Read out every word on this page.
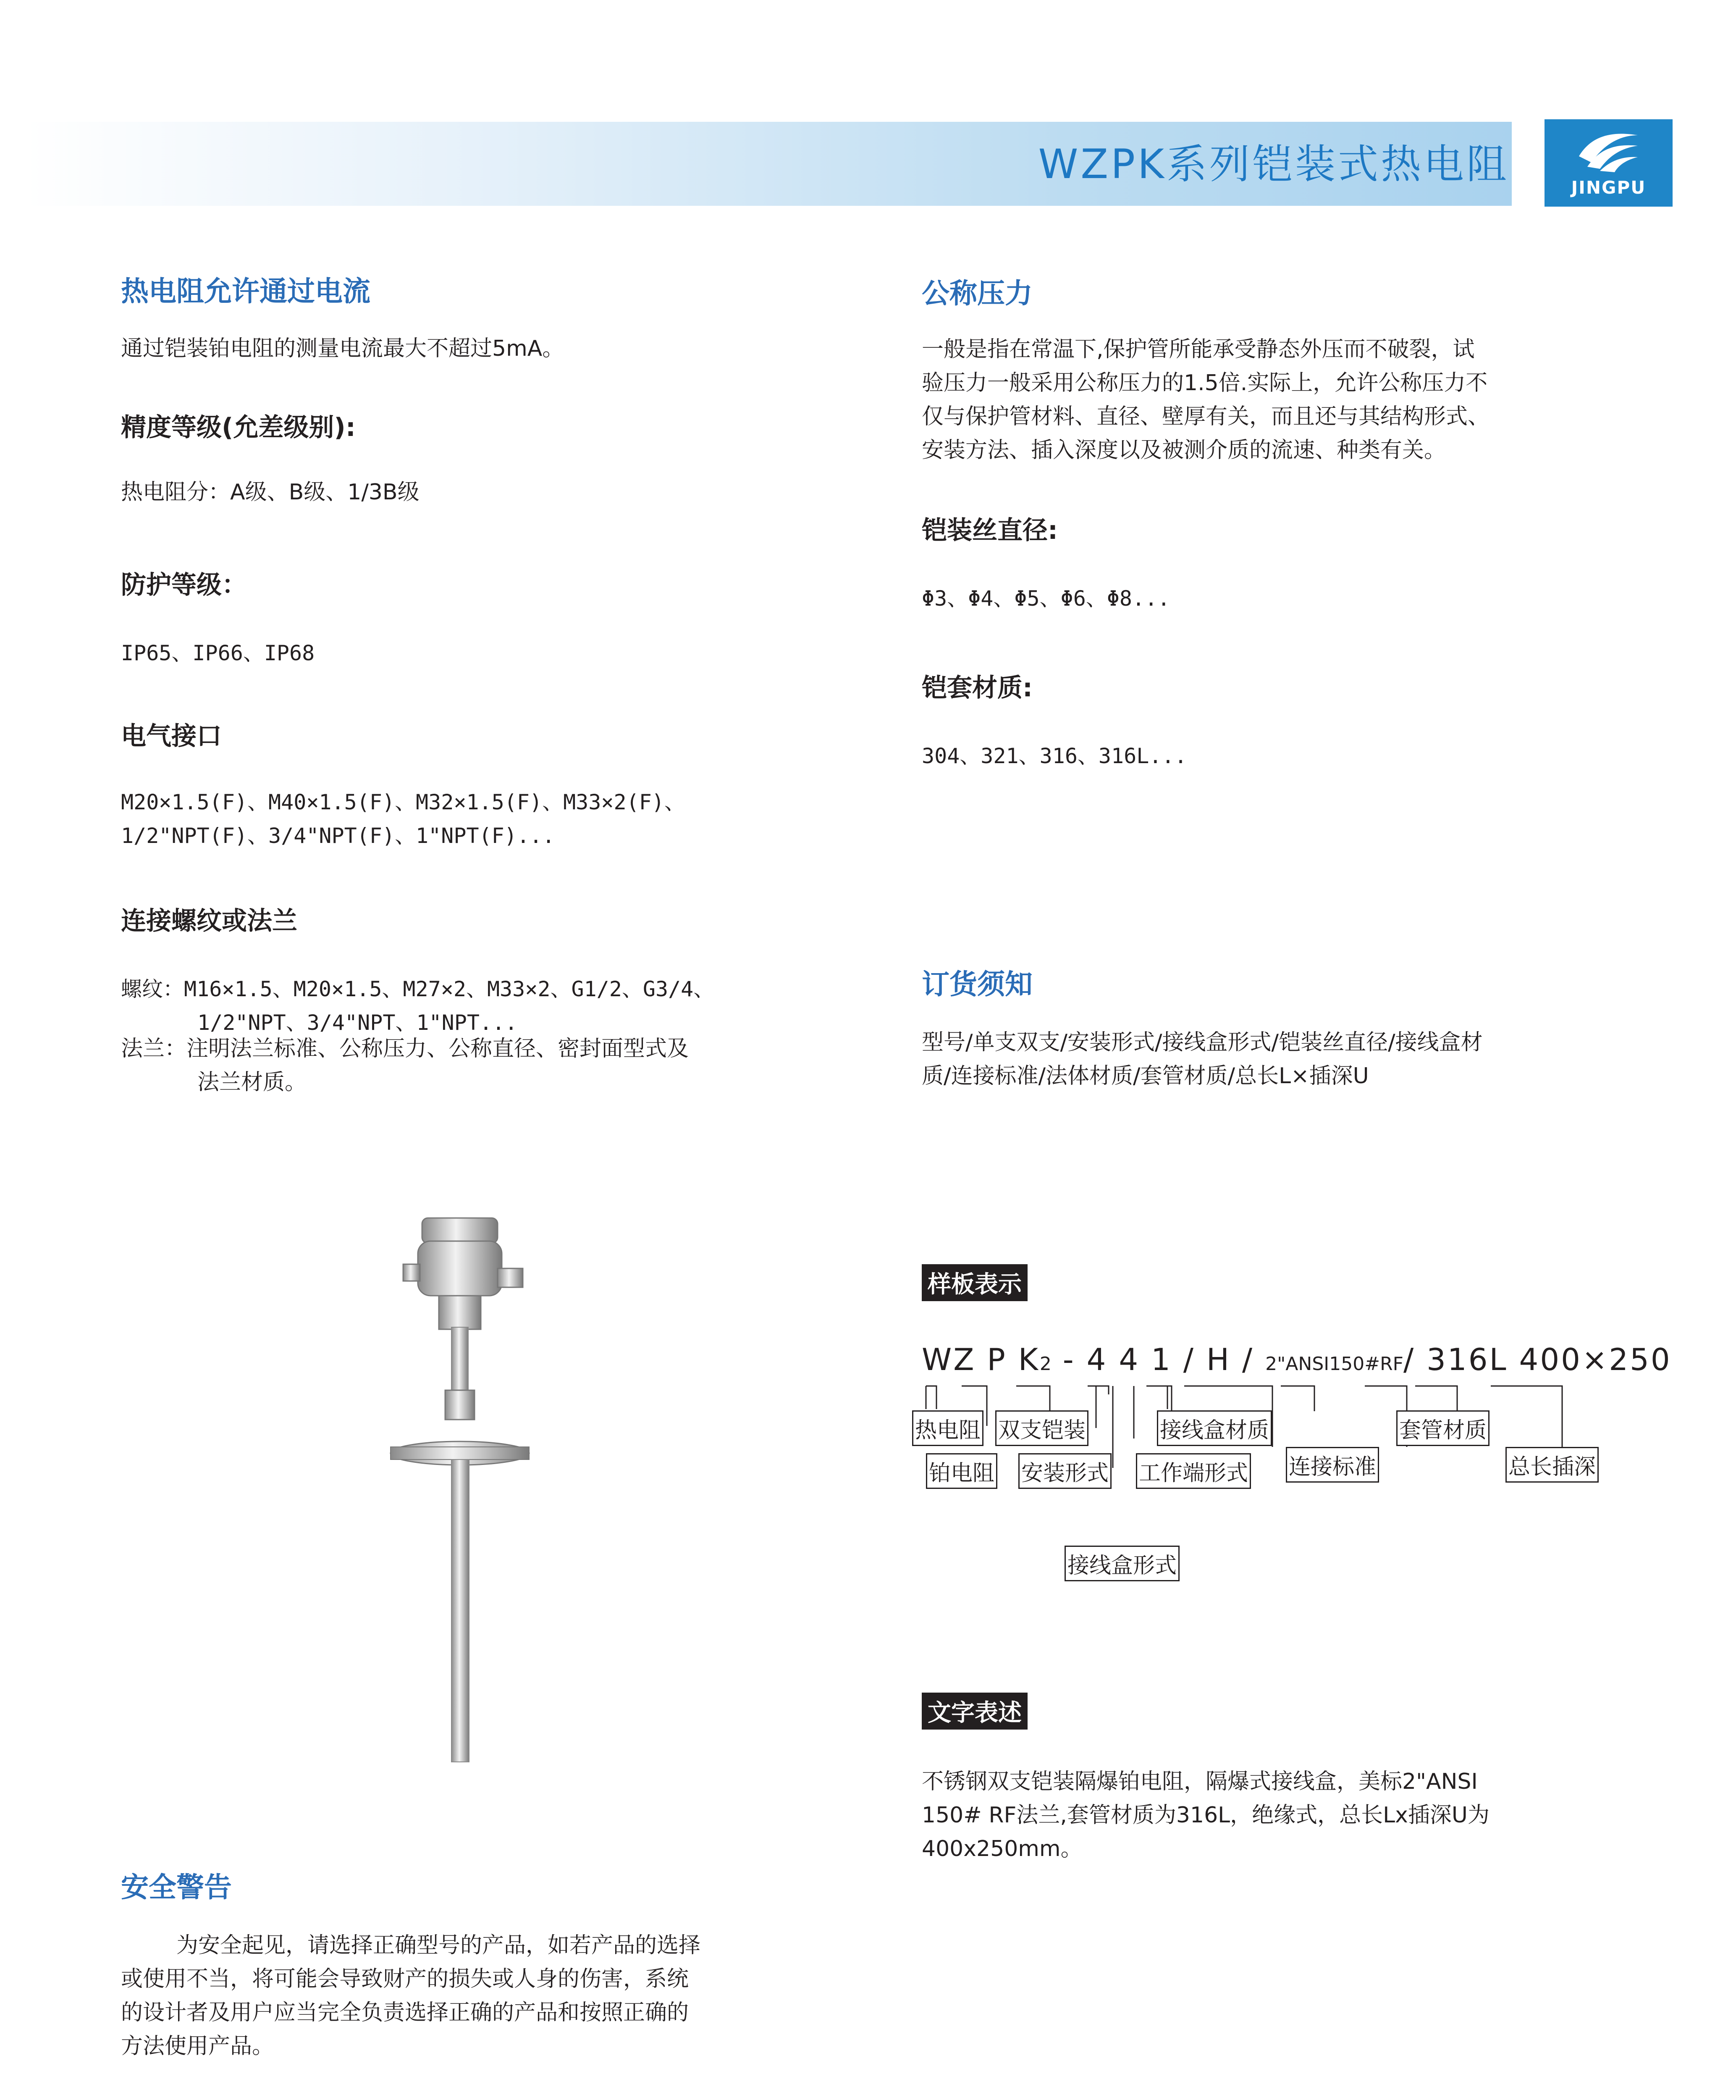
WZPK系列铠装式热电阻	JINGPU
热电阻允许通过电流
通过铠装铂电阻的测量电流最大不超过5mA。
精度等级(允差级别):
热电阻分：A级、B级、1/3B级
防护等级：
IP65、IP66、IP68
电气接口
M20×1.5(F)、M40×1.5(F)、M32×1.5(F)、M33×2(F)、
1/2"NPT(F)、3/4"NPT(F)、1"NPT(F)...
连接螺纹或法兰
螺纹：M16×1.5、M20×1.5、M27×2、M33×2、G1/2、G3/4、
1/2"NPT、3/4"NPT、1"NPT...
法兰：注明法兰标准、公称压力、公称直径、密封面型式及
法兰材质。
安全警告
为安全起见，请选择正确型号的产品，如若产品的选择
或使用不当，将可能会导致财产的损失或人身的伤害，系统
的设计者及用户应当完全负责选择正确的产品和按照正确的
方法使用产品。
公称压力
一般是指在常温下,保护管所能承受静态外压而不破裂，试
验压力一般采用公称压力的1.5倍.实际上，允许公称压力不
仅与保护管材料、直径、壁厚有关，而且还与其结构形式、
安装方法、插入深度以及被测介质的流速、种类有关。
铠装丝直径:
Φ3、Φ4、Φ5、Φ6、Φ8...
铠套材质:
304、321、316、316L...
订货须知
型号/单支双支/安装形式/接线盒形式/铠装丝直径/接线盒材
质/连接标准/法体材质/套管材质/总长L×插深U
样板表示
WZ P K2 - 4 4 1 / H / 2"ANSI150#RF/ 316L 400×250
热电阻 双支铠装	接线盒材质	套管材质
铂电阻 安装形式 工作端形式 连接标准	总长插深
接线盒形式
文字表述
不锈钢双支铠装隔爆铂电阻，隔爆式接线盒，美标2"ANSI
150# RF法兰,套管材质为316L，绝缘式，总长Lx插深U为
400x250mm。
